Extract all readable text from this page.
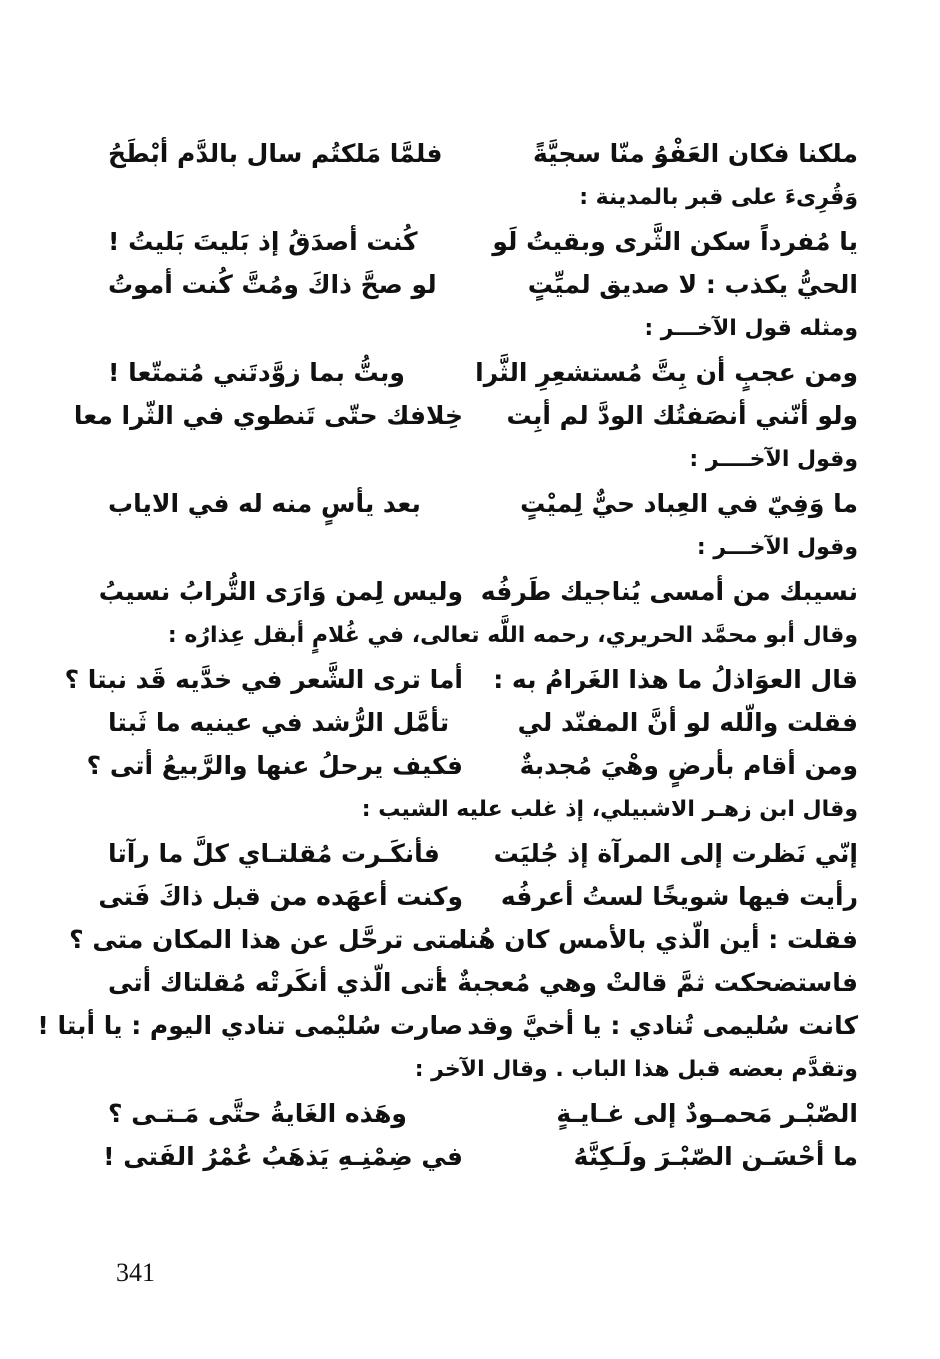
ملكنا فكان العَفْوُ منّا سجيَّةً
فلمَّا مَلكتُم سال بالدَّم أبْطَحُ
وَقُرِىءَ على قبر بالمدينة :
يا مُفرداً سكن الثَّرى وبقيتُ لَو
كُنت أصدَقُ إذ بَليتَ بَليتُ !
الحيُّ يكذب : لا صديق لميِّتٍ
لو صحَّ ذاكَ ومُتَّ كُنت أموتُ
ومثله قول الآخـــر :
ومن عجبٍ أن بِتَّ مُستشعِرِ الثَّرا
وبتُّ بما زوَّدتَني مُتمتّعا !
ولو أنّني أنصَفتُك الودَّ لم أبِت
خِلافك حتّى تَنطوي في الثّرا معا
وقول الآخــــر :
ما وَفِيّ في العِباد حيٌّ لِميْتٍ
بعد يأسٍ منه له في الاياب
وقول الآخـــر :
نسيبك من أمسى يُناجيك طَرفُه
وليس لِمن وَارَى التُّرابُ نسيبُ
وقال أبو محمَّد الحريري، رحمه اللَّه تعالى، في غُلامٍ أبقل عِذارُه :
قال العوَاذلُ ما هذا الغَرامُ به :
أما ترى الشَّعر في خدَّيه قَد نبتا ؟
فقلت والّله لو أنَّ المفنّد لي
تأمَّل الرُّشد في عينيه ما ثَبتا
ومن أقام بأرضٍ وهْيَ مُجدبةٌ
فكيف يرحلُ عنها والرَّبيعُ أتى ؟
وقال ابن زهـر الاشبيلي، إذ غلب عليه الشيب :
إنّي نَظرت إلى المرآة إذ جُليَت
فأنكَـرت مُقلتـاي كلَّ ما رآتا
رأيت فيها شويخًا لستُ أعرفُه
وكنت أعهَده من قبل ذاكَ فَتى
فقلت : أين الّذي بالأمس كان هُنا
متى ترحَّل عن هذا المكان متى ؟
فاستضحكت ثمَّ قالتْ وهي مُعجبةٌ :
أتى الّذي أنكَرتْه مُقلتاك أتى
كانت سُليمى تُنادي : يا أخيَّ وقد
صارت سُليْمى تنادي اليوم : يا أبتا !
وتقدَّم بعضه قبل هذا الباب . وقال الآخر :
الصّبْـر مَحمـودٌ إلى غـايـةٍ
وهَذه الغَايةُ حتَّى مَـتـى ؟
ما أحْسَـن الصّبْـرَ ولَـكِنَّهُ
في ضِمْنِـهِ يَذهَبُ عُمْرُ الفَتى !
341
